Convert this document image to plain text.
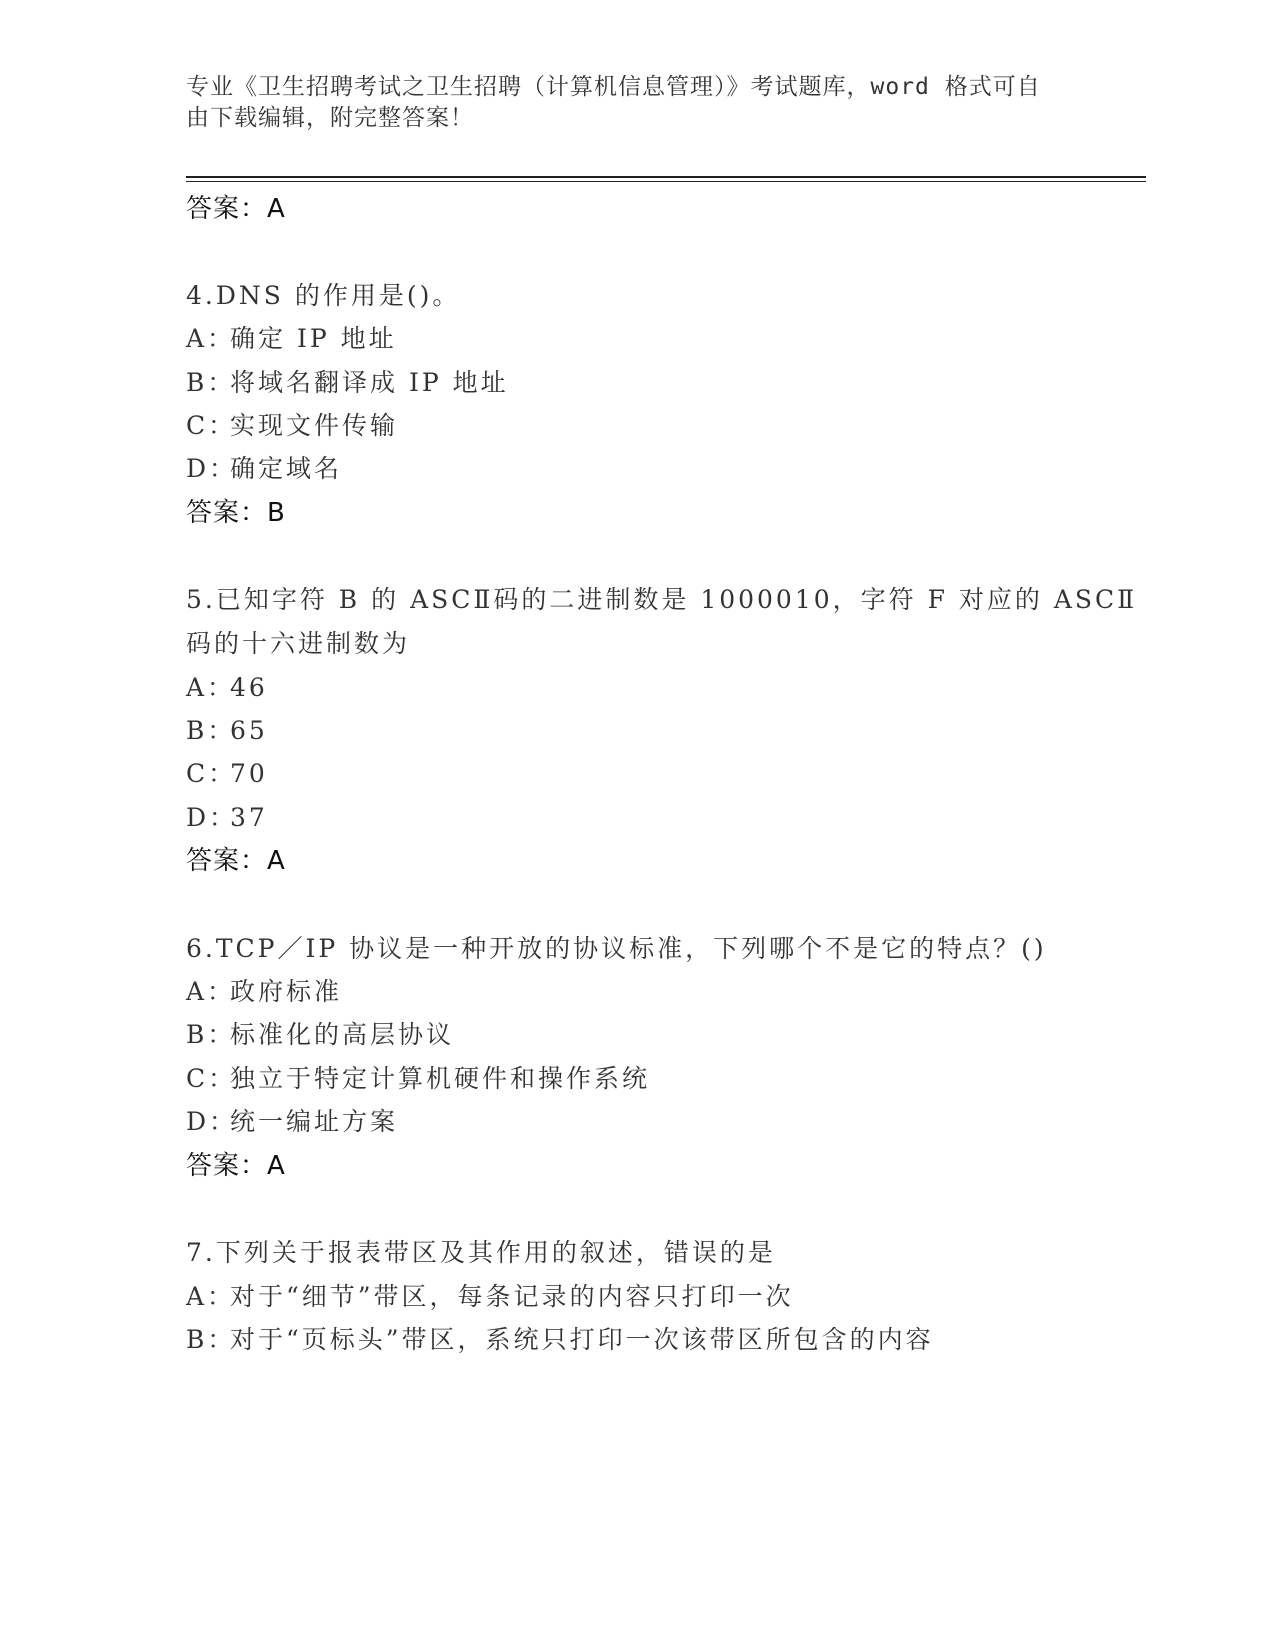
专业《卫生招聘考试之卫生招聘（计算机信息管理）》考试题库，word 格式可自
由下载编辑，附完整答案！
答案：A
4.DNS 的作用是()。
A：确定 IP 地址
B：将域名翻译成 IP 地址
C：实现文件传输
D：确定域名
答案：B
5.已知字符 B 的 ASCⅡ码的二进制数是 1000010，字符 F 对应的 ASCⅡ
码的十六进制数为
A：46
B：65
C：70
D：37
答案：A
6.TCP／IP 协议是一种开放的协议标准，下列哪个不是它的特点？()
A：政府标准
B：标准化的高层协议
C：独立于特定计算机硬件和操作系统
D：统一编址方案
答案：A
7.下列关于报表带区及其作用的叙述，错误的是
A：对于“细节”带区，每条记录的内容只打印一次
B：对于“页标头”带区，系统只打印一次该带区所包含的内容
